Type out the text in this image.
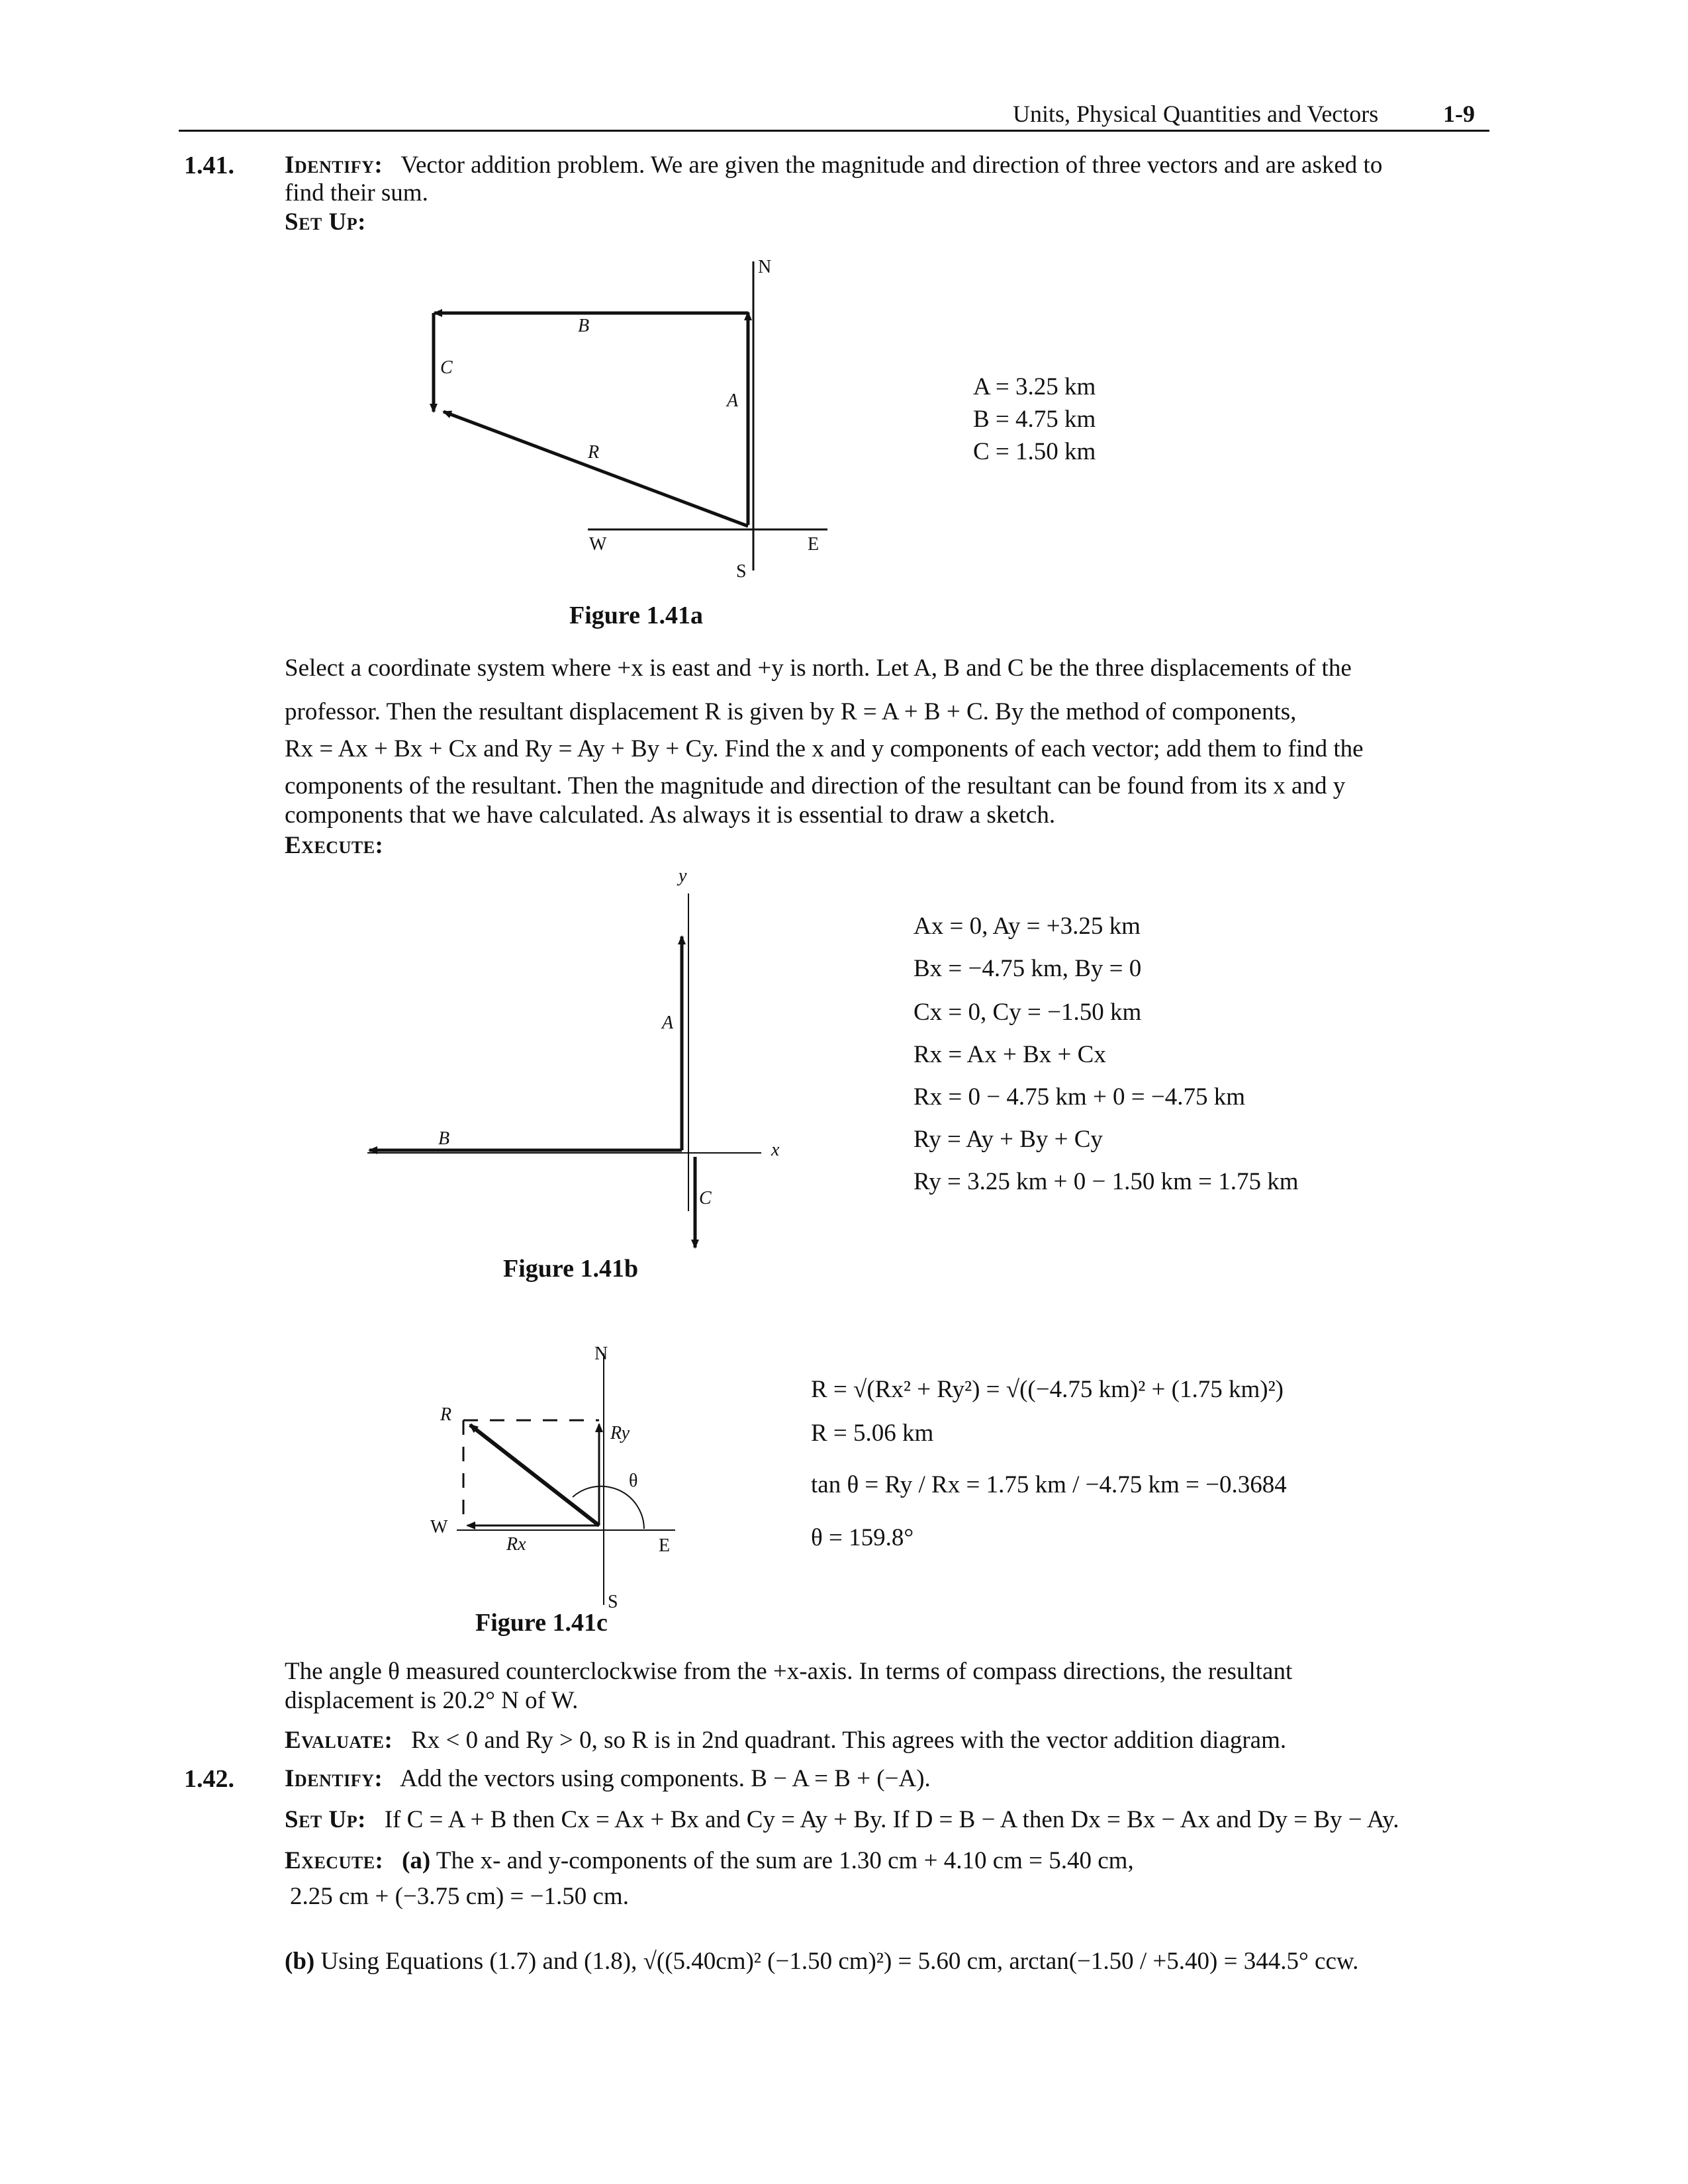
Units, Physical Quantities and Vectors	1-9
1.41. Identify: Vector addition problem. We are given the magnitude and direction of three vectors and are asked to
find their sum.
Set Up:
N
W	E
S
A
B
C
R
A = 3.25 km
B = 4.75 km
C = 1.50 km
Figure 1.41a
Select a coordinate system where +x is east and +y is north. Let A, B and C be the three displacements of the
professor. Then the resultant displacement R is given by R = A + B + C. By the method of components,
Rx = Ax + Bx + Cx and Ry = Ay + By + Cy. Find the x and y components of each vector; add them to find the
components of the resultant. Then the magnitude and direction of the resultant can be found from its x and y
components that we have calculated. As always it is essential to draw a sketch.
Execute:
y
x
A
B
C
Figure 1.41b
Ax = 0, Ay = +3.25 km
Bx = −4.75 km, By = 0
Cx = 0, Cy = −1.50 km
Rx = Ax + Bx + Cx
Rx = 0 − 4.75 km + 0 = −4.75 km
Ry = Ay + By + Cy
Ry = 3.25 km + 0 − 1.50 km = 1.75 km
N
W
E
S
R
Ry
Rx
θ
Figure 1.41c
R = √(Rx² + Ry²) = √((−4.75 km)² + (1.75 km)²)
R = 5.06 km
tan θ = Ry / Rx = 1.75 km / −4.75 km = −0.3684
θ = 159.8°
The angle θ measured counterclockwise from the +x-axis. In terms of compass directions, the resultant
displacement is 20.2° N of W.
Evaluate: Rx < 0 and Ry > 0, so R is in 2nd quadrant. This agrees with the vector addition diagram.
1.42. Identify: Add the vectors using components. B − A = B + (−A).
Set Up: If C = A + B then Cx = Ax + Bx and Cy = Ay + By. If D = B − A then Dx = Bx − Ax and Dy = By − Ay.
Execute: (a) The x- and y-components of the sum are 1.30 cm + 4.10 cm = 5.40 cm,
2.25 cm + (−3.75 cm) = −1.50 cm.
(b) Using Equations (1.7) and (1.8), √((5.40cm)² (−1.50 cm)²) = 5.60 cm, arctan(−1.50 / +5.40) = 344.5° ccw.
